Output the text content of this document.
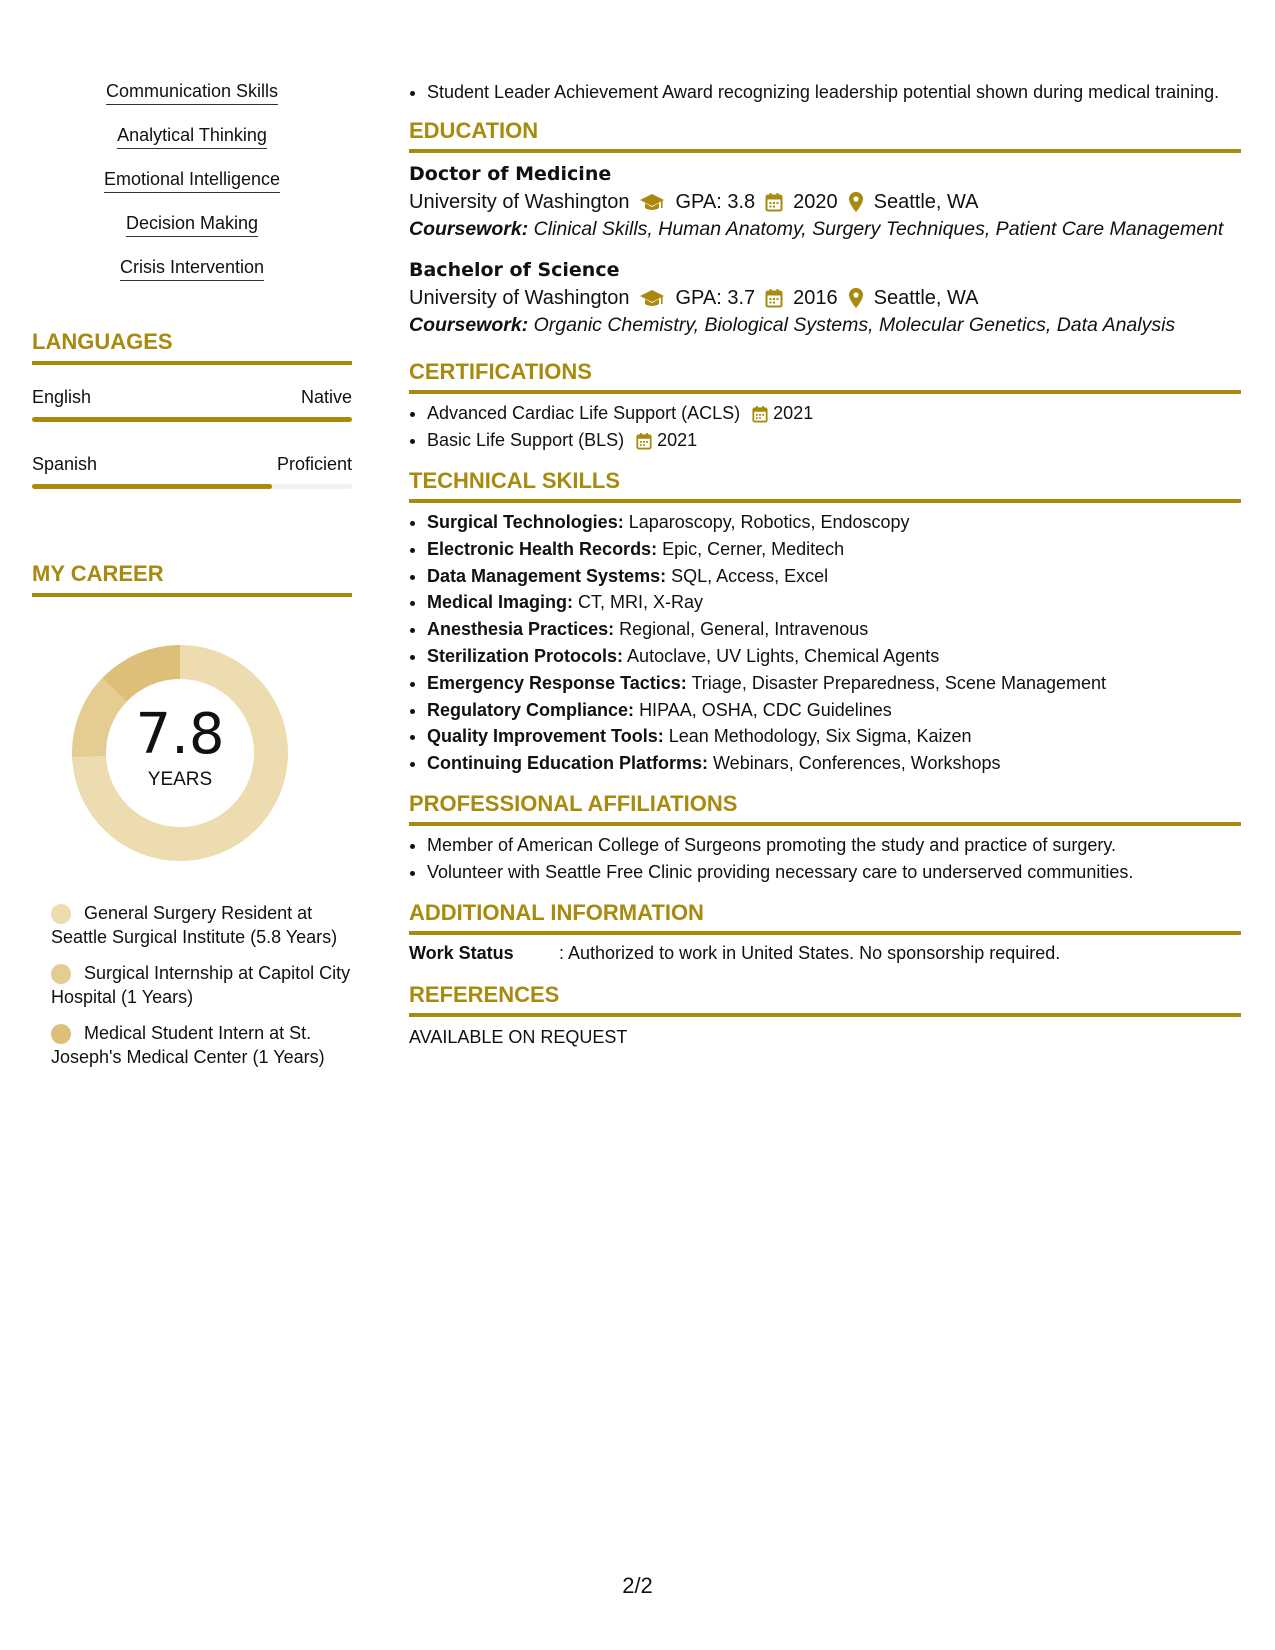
Communication Skills
Analytical Thinking
Emotional Intelligence
Decision Making
Crisis Intervention
LANGUAGES
English	Native
Spanish	Proficient
MY CAREER
7.8
YEARS
General Surgery Resident at Seattle Surgical Institute (5.8 Years)
Surgical Internship at Capitol City Hospital (1 Years)
Medical Student Intern at St. Joseph's Medical Center (1 Years)
• Student Leader Achievement Award recognizing leadership potential shown during medical training.
EDUCATION
Doctor of Medicine
University of Washington GPA: 3.8 2020 Seattle, WA
Coursework: Clinical Skills, Human Anatomy, Surgery Techniques, Patient Care Management
Bachelor of Science
University of Washington GPA: 3.7 2016 Seattle, WA
Coursework: Organic Chemistry, Biological Systems, Molecular Genetics, Data Analysis
CERTIFICATIONS
• Advanced Cardiac Life Support (ACLS) 2021
• Basic Life Support (BLS) 2021
TECHNICAL SKILLS
• Surgical Technologies: Laparoscopy, Robotics, Endoscopy
• Electronic Health Records: Epic, Cerner, Meditech
• Data Management Systems: SQL, Access, Excel
• Medical Imaging: CT, MRI, X-Ray
• Anesthesia Practices: Regional, General, Intravenous
• Sterilization Protocols: Autoclave, UV Lights, Chemical Agents
• Emergency Response Tactics: Triage, Disaster Preparedness, Scene Management
• Regulatory Compliance: HIPAA, OSHA, CDC Guidelines
• Quality Improvement Tools: Lean Methodology, Six Sigma, Kaizen
• Continuing Education Platforms: Webinars, Conferences, Workshops
PROFESSIONAL AFFILIATIONS
• Member of American College of Surgeons promoting the study and practice of surgery.
• Volunteer with Seattle Free Clinic providing necessary care to underserved communities.
ADDITIONAL INFORMATION
Work Status	: Authorized to work in United States. No sponsorship required.
REFERENCES
AVAILABLE ON REQUEST
2/2
